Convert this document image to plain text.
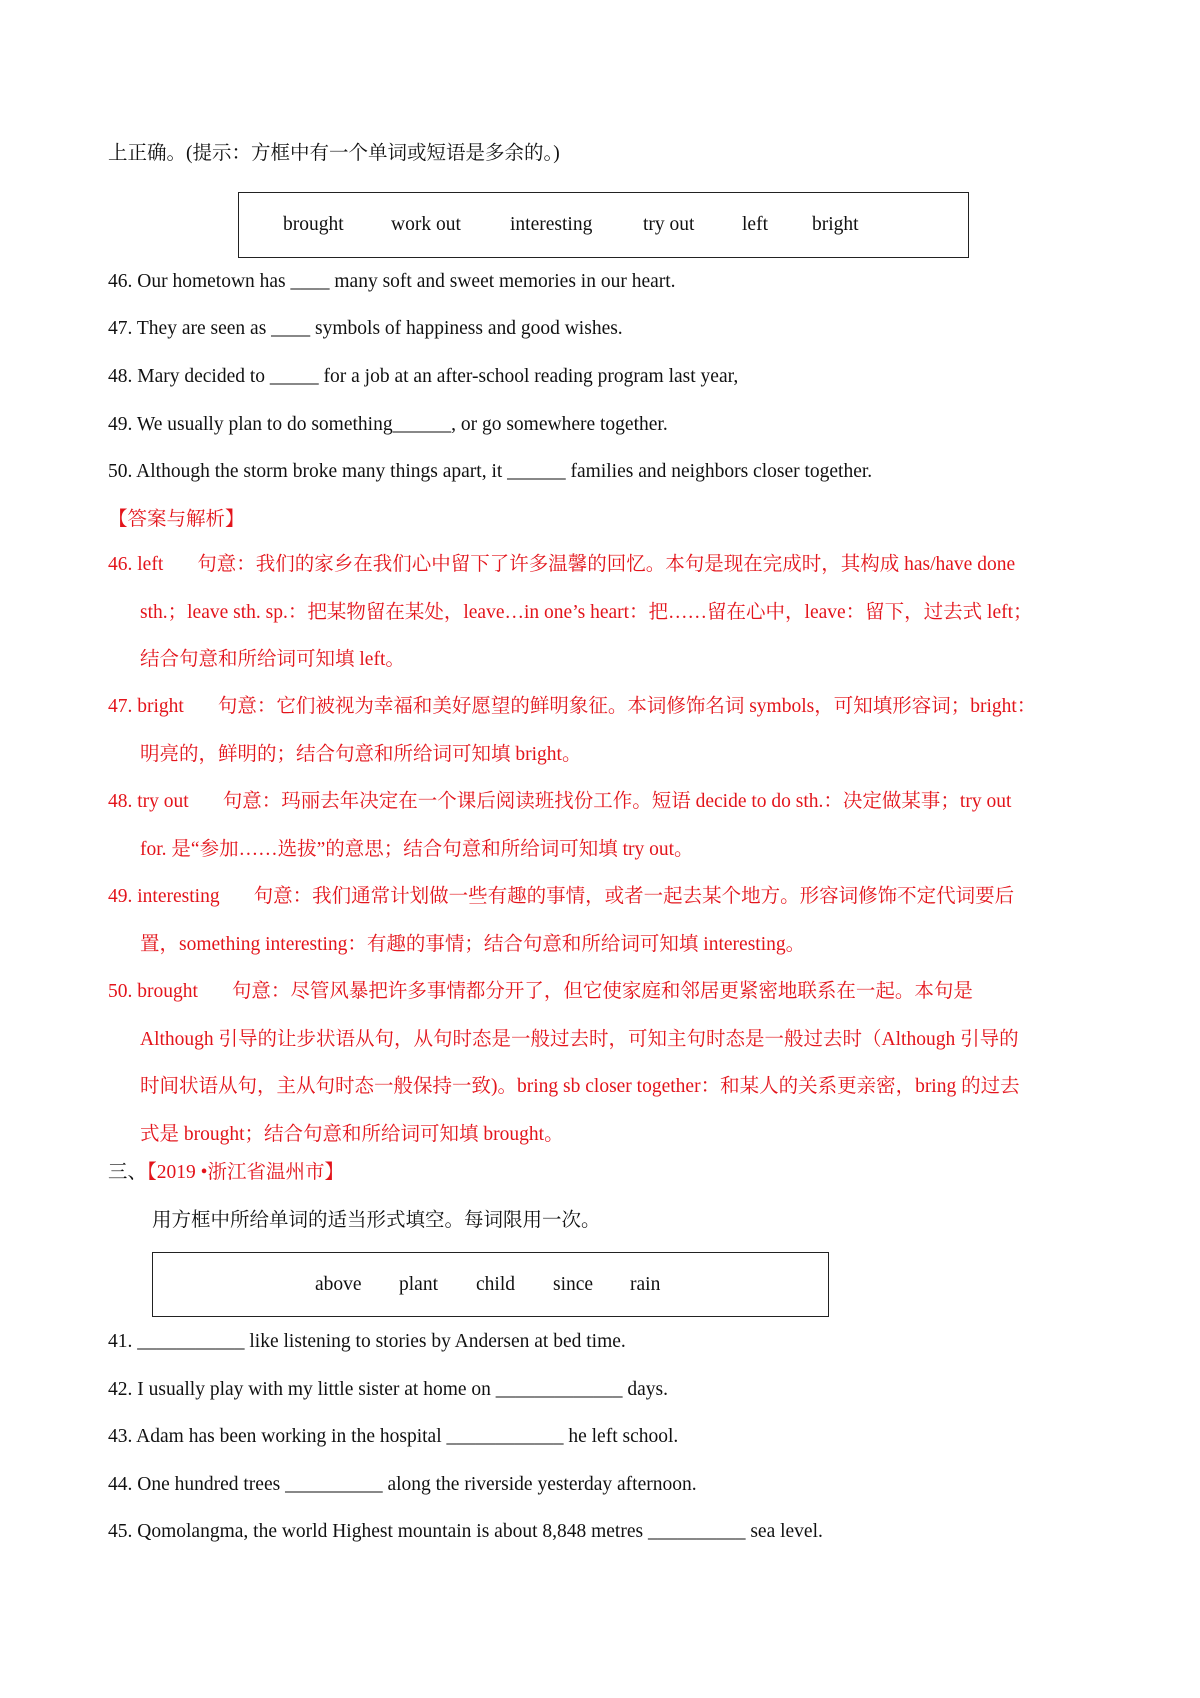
上正确。(提示：方框中有一个单词或短语是多余的。)
brought work out	interesting	try out left bright
46. Our hometown has ____ many soft and sweet memories in our heart.
47. They are seen as ____ symbols of happiness and good wishes.
48. Mary decided to _____ for a job at an after-school reading program last year,
49. We usually plan to do something______, or go somewhere together.
50. Although the storm broke many things apart, it ______ families and neighbors closer together.
【答案与解析】
46. left 句意：我们的家乡在我们心中留下了许多温馨的回忆。本句是现在完成时，其构成 has/have done
sth.；leave sth. sp.：把某物留在某处，leave…in one’s heart：把……留在心中，leave：留下，过去式 left；
结合句意和所给词可知填 left。
47. bright 句意：它们被视为幸福和美好愿望的鲜明象征。本词修饰名词 symbols，可知填形容词；bright：
明亮的，鲜明的；结合句意和所给词可知填 bright。
48. try out 句意：玛丽去年决定在一个课后阅读班找份工作。短语 decide to do sth.：决定做某事；try out
for. 是“参加……选拔”的意思；结合句意和所给词可知填 try out。
49. interesting 句意：我们通常计划做一些有趣的事情，或者一起去某个地方。形容词修饰不定代词要后
置，something interesting：有趣的事情；结合句意和所给词可知填 interesting。
50. brought 句意：尽管风暴把许多事情都分开了，但它使家庭和邻居更紧密地联系在一起。本句是
Although 引导的让步状语从句，从句时态是一般过去时，可知主句时态是一般过去时（Although 引导的
时间状语从句，主从句时态一般保持一致)。bring sb closer together：和某人的关系更亲密，bring 的过去
式是 brought；结合句意和所给词可知填 brought。
三、【2019 •浙江省温州市】
用方框中所给单词的适当形式填空。每词限用一次。
above plant child since rain
41. ___________ like listening to stories by Andersen at bed time.
42. I usually play with my little sister at home on _____________ days.
43. Adam has been working in the hospital ____________ he left school.
44. One hundred trees __________ along the riverside yesterday afternoon.
45. Qomolangma, the world Highest mountain is about 8,848 metres __________ sea level.
